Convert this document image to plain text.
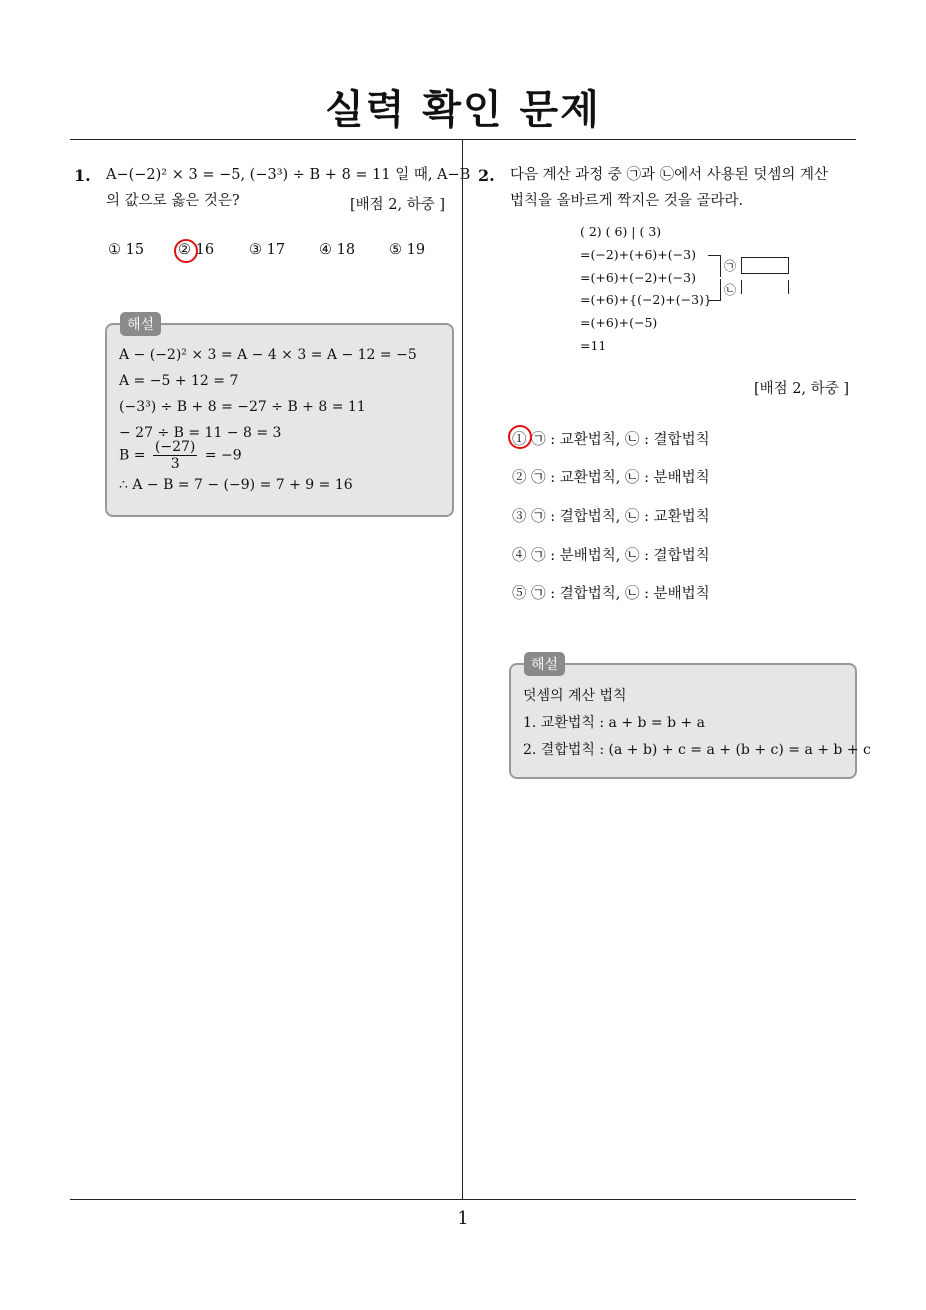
실력 확인 문제
1
1. A−(−2)² × 3 = −5, (−3³) ÷ B + 8 = 11 일 때, A−B
의 값으로 옳은 것은?	[배점 2, 하중 ]
① 15 ② 16 ③ 17 ④ 18 ⑤ 19
A − (−2)² × 3 = A − 4 × 3 = A − 12 = −5
A = −5 + 12 = 7
(−3³) ÷ B + 8 = −27 ÷ B + 8 = 11
− 27 ÷ B = 11 − 8 = 3
$B = \frac{(-27)}{3} = -9$
∴ A − B = 7 − (−9) = 7 + 9 = 16
해설
2. 다음 계산 과정 중 ㉠과 ㉡에서 사용된 덧셈의 계산
법칙을 올바르게 짝지은 것을 골라라.
( 2) ( 6) | ( 3)
=(−2)+(+6)+(−3)
=(+6)+(−2)+(−3)
=(+6)+{(−2)+(−3)}
=(+6)+(−5)
=11
㉠
㉡
[배점 2, 하중 ]
① ㉠ : 교환법칙, ㉡ : 결합법칙
② ㉠ : 교환법칙, ㉡ : 분배법칙
③ ㉠ : 결합법칙, ㉡ : 교환법칙
④ ㉠ : 분배법칙, ㉡ : 결합법칙
⑤ ㉠ : 결합법칙, ㉡ : 분배법칙
덧셈의 계산 법칙
1. 교환법칙 : a + b = b + a
2. 결합법칙 : (a + b) + c = a + (b + c) = a + b + c
해설
